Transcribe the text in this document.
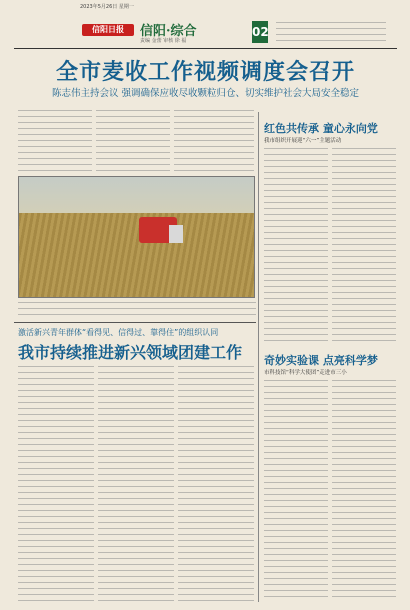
2023年5月26日 星期一
信阳日报	信阳·综合
责编 金蕾 审核 徐 福
02
全市麦收工作视频调度会召开
陈志伟主持会议 强调确保应收尽收颗粒归仓、切实维护社会大局安全稳定
红色共传承 童心永向党
我市组织开展迎“六一”主题活动
奇妙实验课 点亮科学梦
市科技馆“科学大使团”走进市三小
激活新兴青年群体“看得见、信得过、靠得住”的组织认同
我市持续推进新兴领域团建工作
